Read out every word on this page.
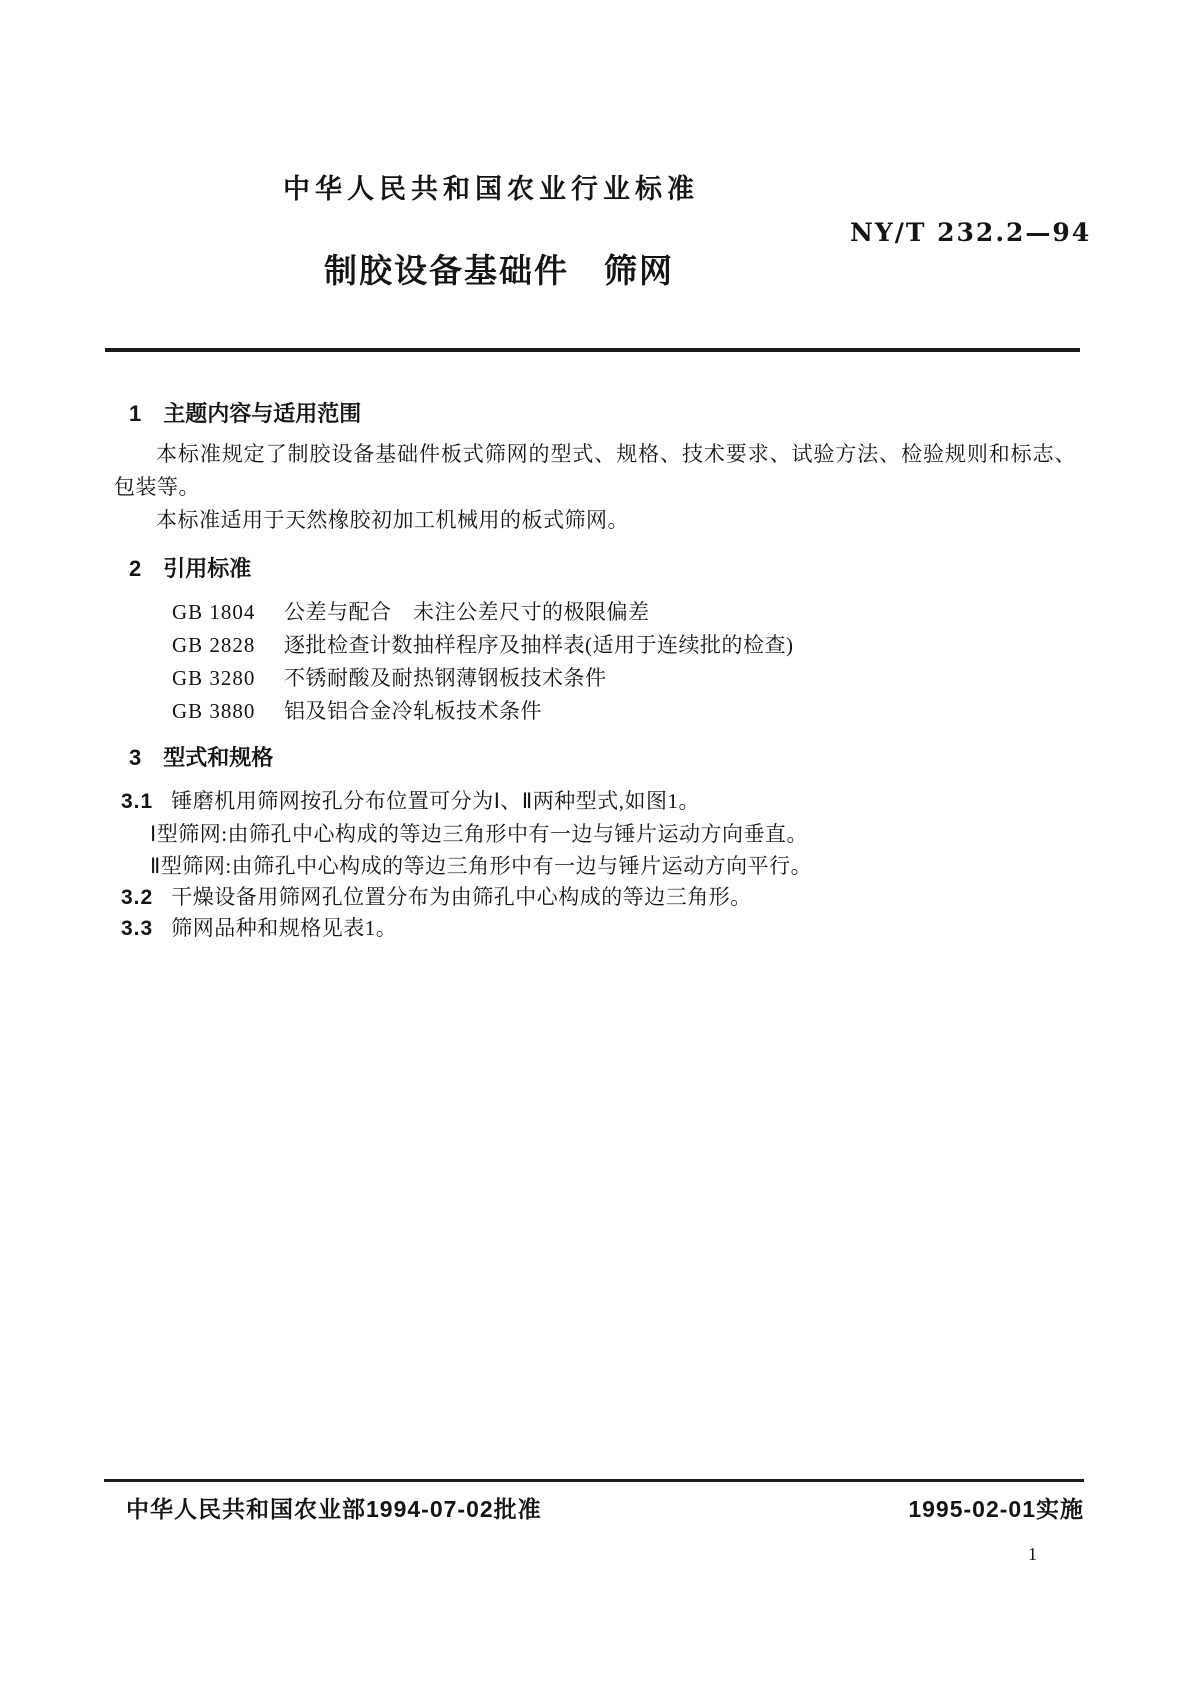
中华人民共和国农业行业标准
NY/T 232.2—94
制胶设备基础件　筛网
1 主题内容与适用范围
本标准规定了制胶设备基础件板式筛网的型式、规格、技术要求、试验方法、检验规则和标志、包装等。
本标准适用于天然橡胶初加工机械用的板式筛网。
2 引用标准
GB 1804 公差与配合　未注公差尺寸的极限偏差
GB 2828 逐批检查计数抽样程序及抽样表(适用于连续批的检查)
GB 3280 不锈耐酸及耐热钢薄钢板技术条件
GB 3880 铝及铝合金冷轧板技术条件
3 型式和规格
3.1 锤磨机用筛网按孔分布位置可分为Ⅰ、Ⅱ两种型式,如图1。
Ⅰ型筛网:由筛孔中心构成的等边三角形中有一边与锤片运动方向垂直。
Ⅱ型筛网:由筛孔中心构成的等边三角形中有一边与锤片运动方向平行。
3.2 干燥设备用筛网孔位置分布为由筛孔中心构成的等边三角形。
3.3 筛网品种和规格见表1。
中华人民共和国农业部1994-07-02批准	1995-02-01实施
1
